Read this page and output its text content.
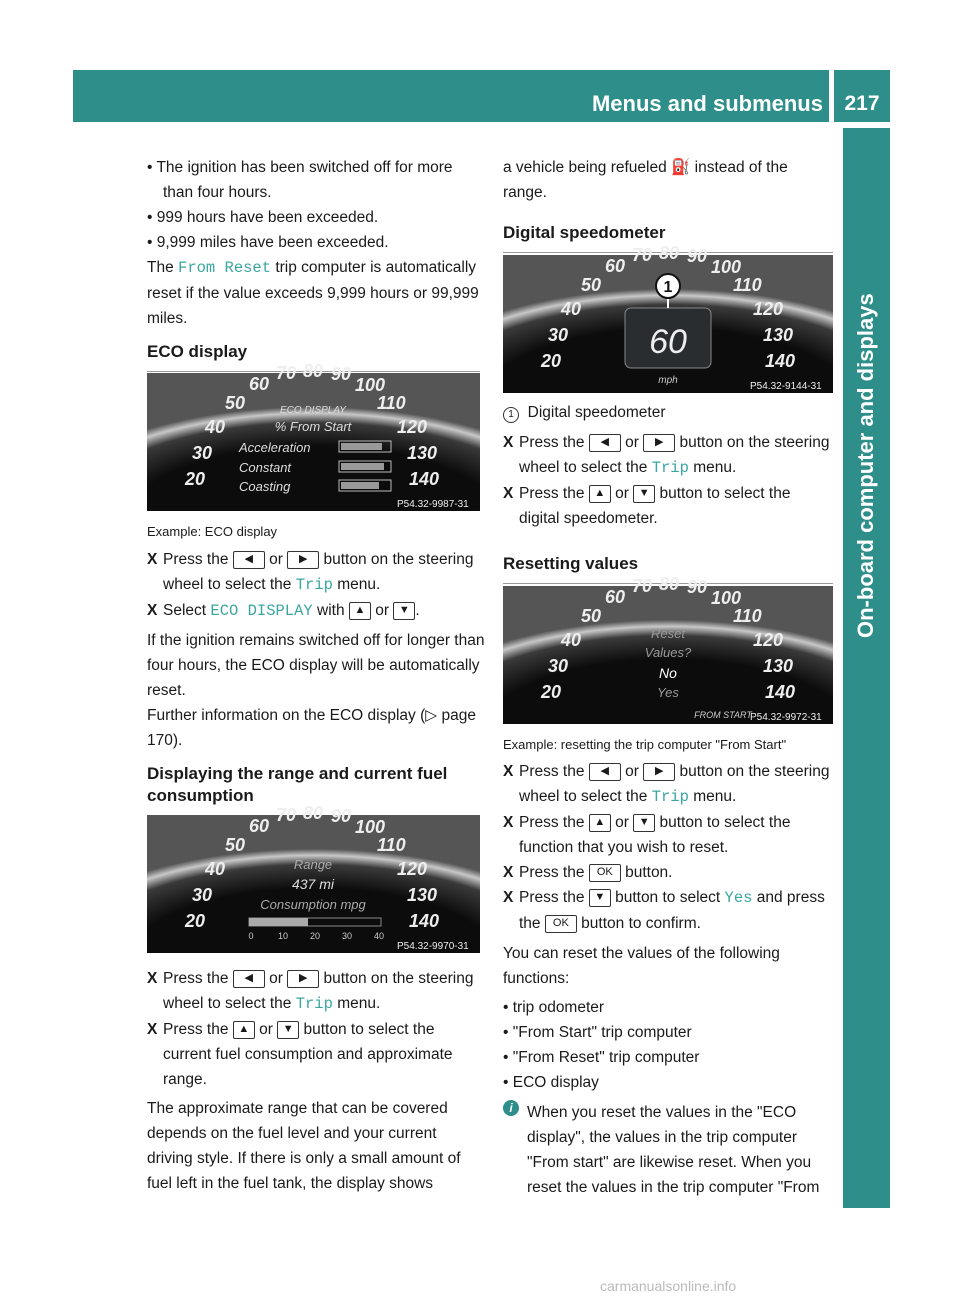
Menus and submenus	217
On-board computer and displays

• The ignition has been switched off for more than four hours.

• 999 hours have been exceeded.

• 9,999 miles have been exceeded.

The From Reset trip computer is automatically reset if the value exceeds 9,999 hours or 99,999 miles.

ECO display
20
30
40
50
60
70 80 90
100
110
120
130
140
ECO DISPLAY
% From Start
Acceleration
Constant
Coasting
P54.32-9987-31
Example: ECO display

X Press the ◀ or ▶ button on the steering wheel to select the Trip menu.

X Select ECO DISPLAY with ▲ or ▼ .

If the ignition remains switched off for longer than four hours, the ECO display will be automatically reset.

Further information on the ECO display (▷ page 170).

Displaying the range and current fuel consumption
20
30
40
50
60
70 80 90
100
110
120
130
140
Range
437 mi
Consumption mpg
0	10 20 30 40
P54.32-9970-31

X Press the ◀ or ▶ button on the steering wheel to select the Trip menu.

X Press the ▲ or ▼ button to select the current fuel consumption and approximate range.

The approximate range that can be covered depends on the fuel level and your current driving style. If there is only a small amount of fuel left in the fuel tank, the display shows

a vehicle being refueled ⛽ instead of the range.

Digital speedometer
20
30
40
50
60
70 80 90
100
110
120
130
140
60
mph
1
P54.32-9144-31

1 Digital speedometer

X Press the ◀ or ▶ button on the steering wheel to select the Trip menu.

X Press the ▲ or ▼ button to select the digital speedometer.

Resetting values
20
30
40
50
60
70 80 90
100
110
120
130
140
Reset
Values?
No
Yes
FROM START
P54.32-9972-31
Example: resetting the trip computer "From Start"

X Press the ◀ or ▶ button on the steering wheel to select the Trip menu.

X Press the ▲ or ▼ button to select the function that you wish to reset.

X Press the OK button.

X Press the ▼ button to select Yes and press the OK button to confirm.

You can reset the values of the following functions:

• trip odometer

• "From Start" trip computer

• "From Reset" trip computer

• ECO display

i When you reset the values in the "ECO display", the values in the trip computer "From start" are likewise reset. When you reset the values in the trip computer "From

carmanualsonline.info
